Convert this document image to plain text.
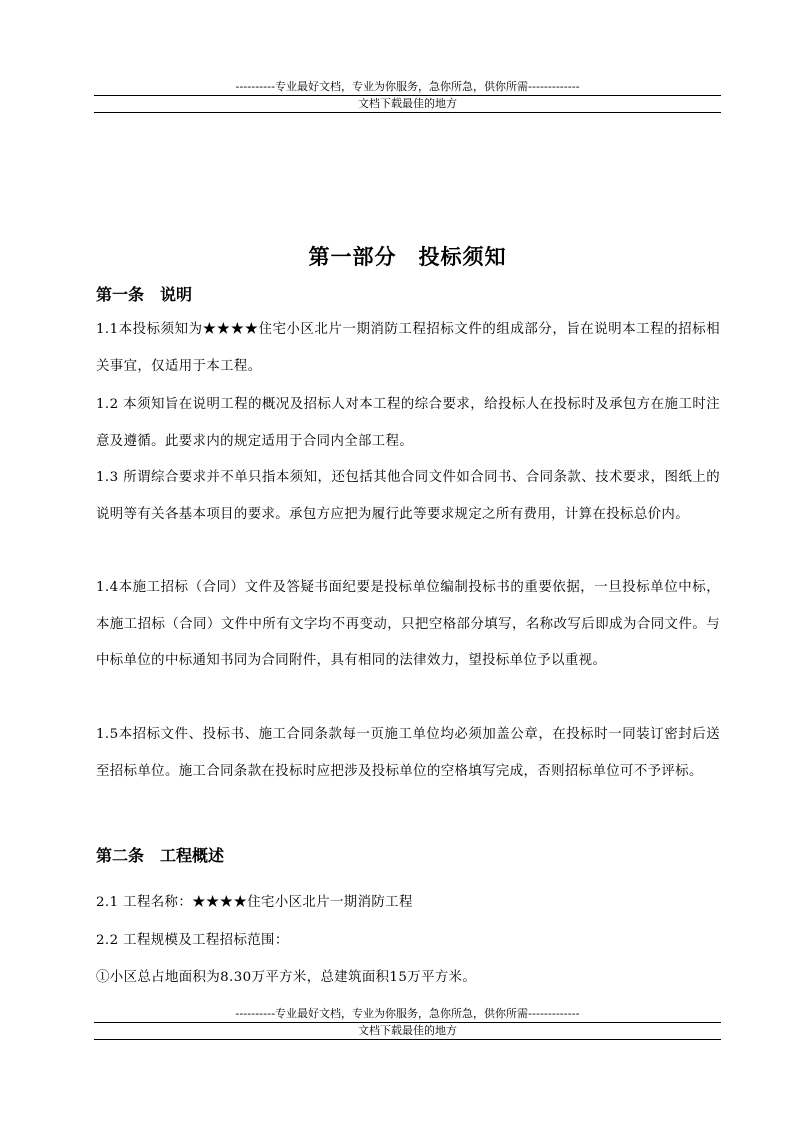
----------专业最好文档，专业为你服务，急你所急，供你所需-------------
文档下载最佳的地方
第一部分　投标须知
第一条　说明
1.1本投标须知为★★★★住宅小区北片一期消防工程招标文件的组成部分，旨在说明本工程的招标相关事宜，仅适用于本工程。
1.2 本须知旨在说明工程的概况及招标人对本工程的综合要求，给投标人在投标时及承包方在施工时注意及遵循。此要求内的规定适用于合同内全部工程。
1.3 所谓综合要求并不单只指本须知，还包括其他合同文件如合同书、合同条款、技术要求，图纸上的说明等有关各基本项目的要求。承包方应把为履行此等要求规定之所有费用，计算在投标总价内。
1.4本施工招标（合同）文件及答疑书面纪要是投标单位编制投标书的重要依据，一旦投标单位中标，本施工招标（合同）文件中所有文字均不再变动，只把空格部分填写，名称改写后即成为合同文件。与中标单位的中标通知书同为合同附件，具有相同的法律效力，望投标单位予以重视。
1.5本招标文件、投标书、施工合同条款每一页施工单位均必须加盖公章，在投标时一同装订密封后送至招标单位。施工合同条款在投标时应把涉及投标单位的空格填写完成，否则招标单位可不予评标。
第二条　工程概述
2.1 工程名称：★★★★住宅小区北片一期消防工程
2.2 工程规模及工程招标范围：
①小区总占地面积为8.30万平方米，总建筑面积15万平方米。
----------专业最好文档，专业为你服务，急你所急，供你所需-------------
文档下载最佳的地方
